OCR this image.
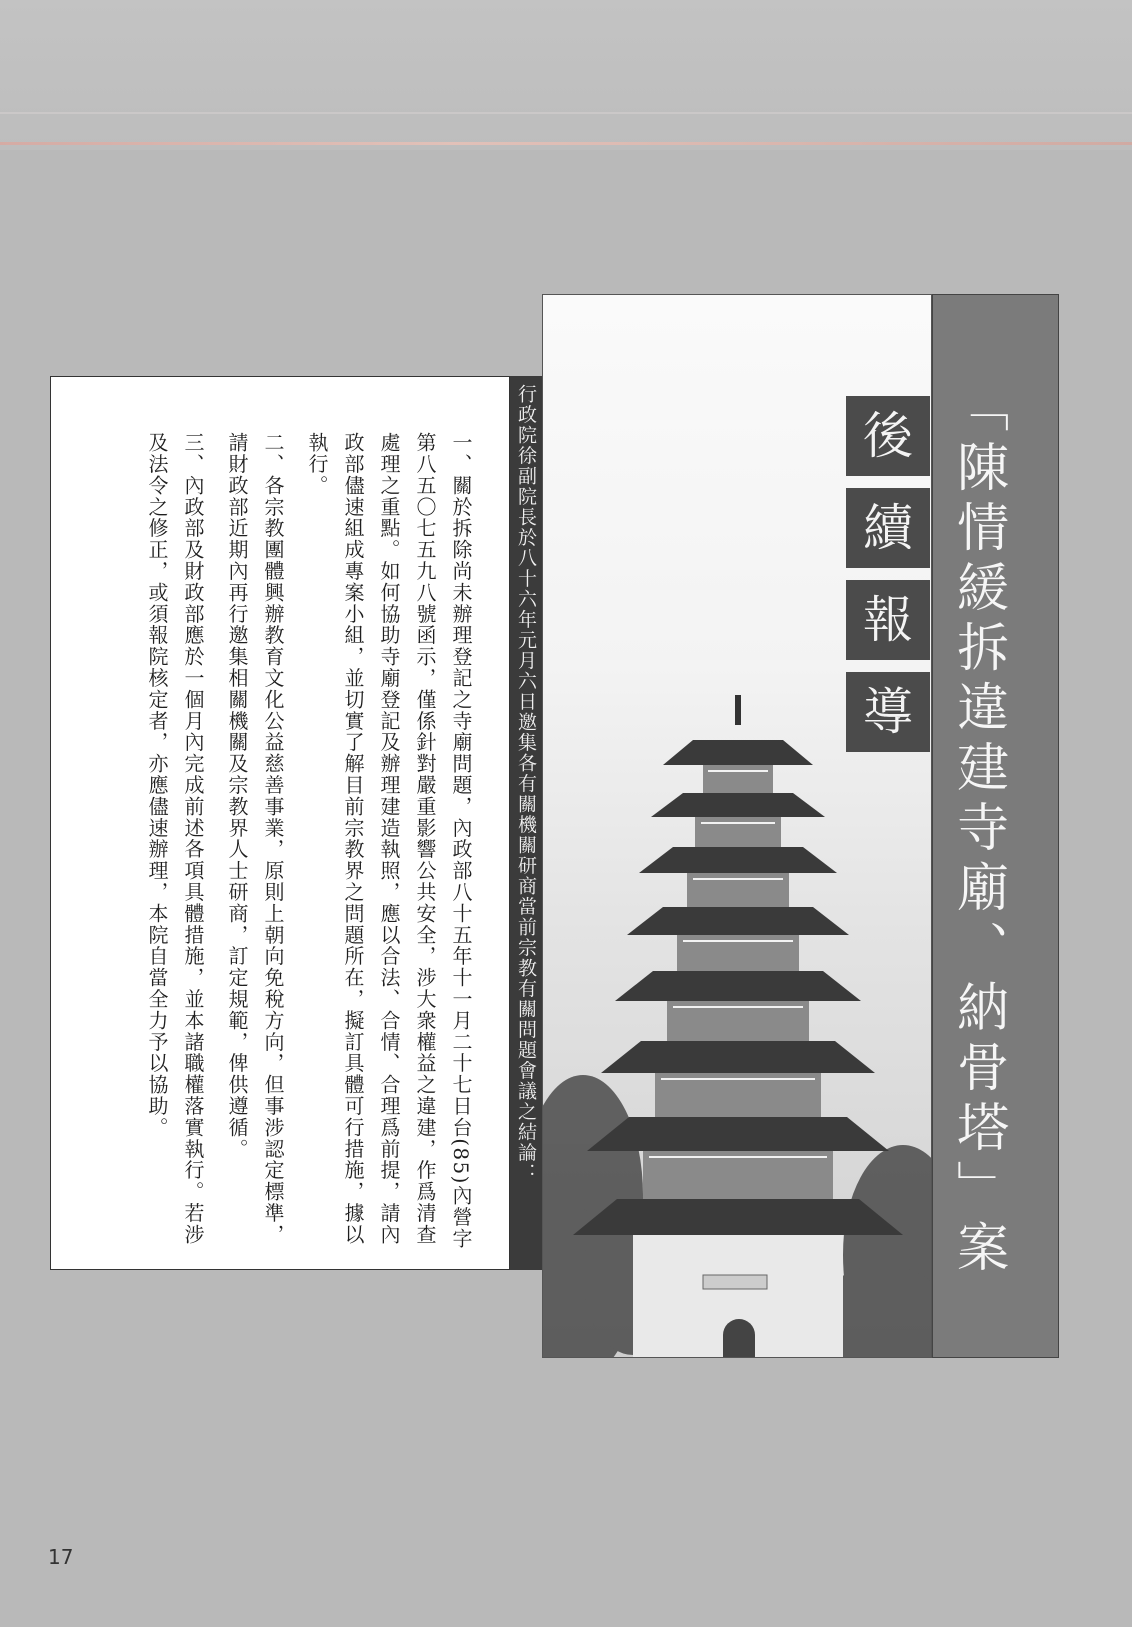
「陳情緩拆違建寺廟、納骨塔」案
後
續
報
導
行政院徐副院長於八十六年元月六日邀集各有關機關研商當前宗教有關問題會議之結論：

一、關於拆除尚未辦理登記之寺廟問題，內政部八十五年十一月二十七日台(85)內營字第八五〇七五九八號函示，僅係針對嚴重影響公共安全，涉大衆權益之違建，作爲清查處理之重點。如何協助寺廟登記及辦理建造執照，應以合法、合情、合理爲前提，請內政部儘速組成專案小組，並切實了解目前宗教界之問題所在，擬訂具體可行措施，據以執行。

二、各宗教團體興辦教育文化公益慈善事業，原則上朝向免稅方向，但事涉認定標準，請財政部近期內再行邀集相關機關及宗教界人士研商，訂定規範，俾供遵循。

三、內政部及財政部應於一個月內完成前述各項具體措施，並本諸職權落實執行。若涉及法令之修正，或須報院核定者，亦應儘速辦理，本院自當全力予以協助。

17
